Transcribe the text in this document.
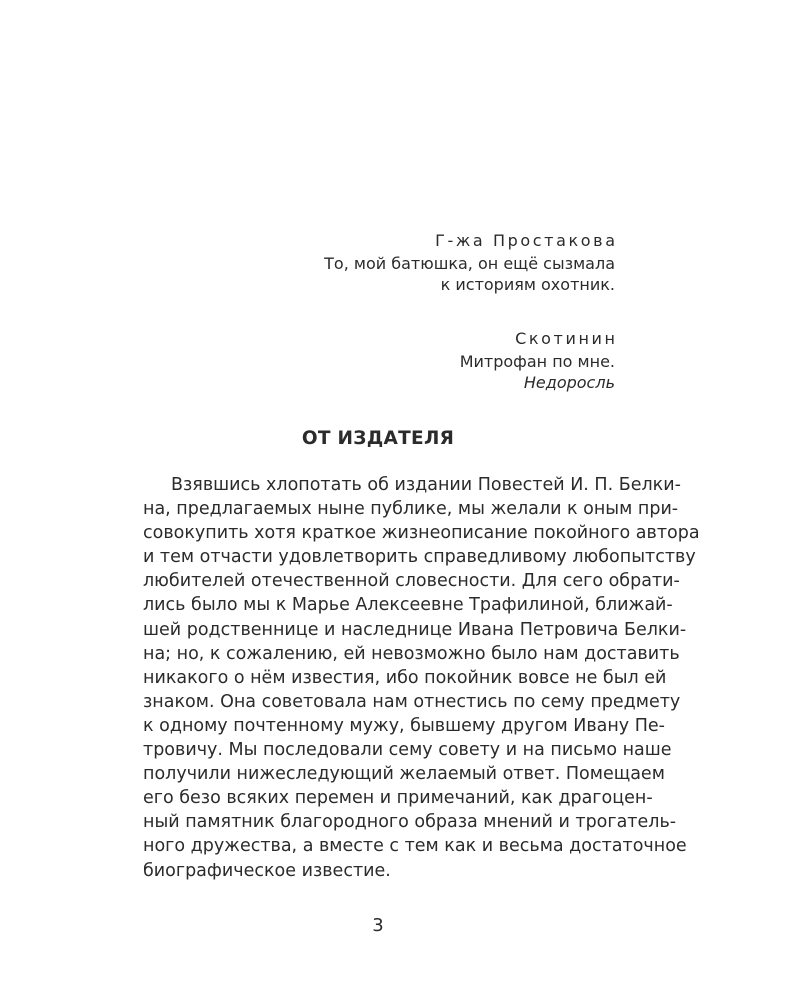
Г-жа Простакова
То, мой батюшка, он ещё сызмала
к историям охотник.
Скотинин
Митрофан по мне.
Недоросль
ОТ ИЗДАТЕЛЯ
Взявшись хлопотать об издании Повестей И. П. Белки-
на, предлагаемых ныне публике, мы желали к оным при-
совокупить хотя краткое жизнеописание покойного автора
и тем отчасти удовлетворить справедливому любопытству
любителей отечественной словесности. Для сего обрати-
лись было мы к Марье Алексеевне Трафилиной, ближай-
шей родственнице и наследнице Ивана Петровича Белки-
на; но, к сожалению, ей невозможно было нам доставить
никакого о нём известия, ибо покойник вовсе не был ей
знаком. Она советовала нам отнестись по сему предмету
к одному почтенному мужу, бывшему другом Ивану Пе-
тровичу. Мы последовали сему совету и на письмо наше
получили нижеследующий желаемый ответ. Помещаем
его безо всяких перемен и примечаний, как драгоцен-
ный памятник благородного образа мнений и трогатель-
ного дружества, а вместе с тем как и весьма достаточное
биографическое известие.
3
